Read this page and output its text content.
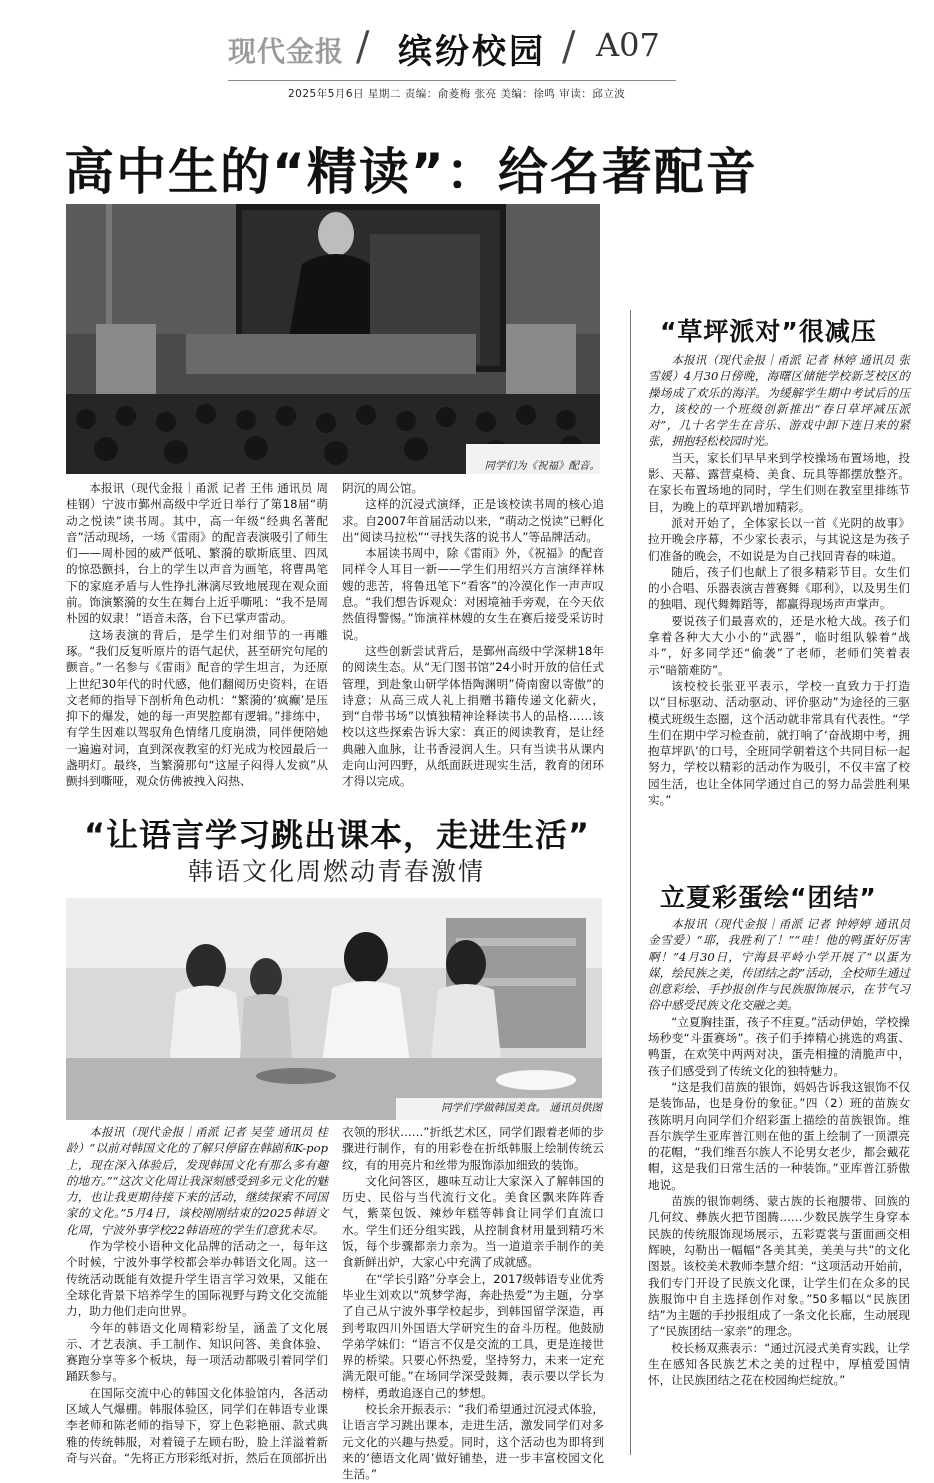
现代金报 / 缤纷校园 / A07
2025年5月6日 星期二 责编：俞菱梅 张亮 美编：徐鸣 审读：邱立波
高中生的“精读”：给名著配音
同学们为《祝福》配音。

本报讯（现代金报｜甬派 记者 王伟 通讯员 周桂钢）宁波市鄞州高级中学近日举行了第18届“萌动之悦读”读书周。其中，高一年级“经典名著配音”活动现场，一场《雷雨》的配音表演吸引了师生们——周朴园的威严低吼、繁漪的歇斯底里、四凤的惊恐颤抖，台上的学生以声音为画笔，将曹禺笔下的家庭矛盾与人性挣扎淋漓尽致地展现在观众面前。饰演繁漪的女生在舞台上近乎嘶吼：“我不是周朴园的奴隶！”语音未落，台下已掌声雷动。

这场表演的背后，是学生们对细节的一再雕琢。“我们反复听原片的语气起伏，甚至研究句尾的颤音。”一名参与《雷雨》配音的学生坦言，为还原上世纪30年代的时代感，他们翻阅历史资料，在语文老师的指导下剖析角色动机：“繁漪的‘疯癫’是压抑下的爆发，她的每一声哭腔都有逻辑。”排练中，有学生因难以驾驭角色情绪几度崩溃，同伴便陪她一遍遍对词，直到深夜教室的灯光成为校园最后一盏明灯。最终，当繁漪那句“这屋子闷得人发疯”从颤抖到嘶哑，观众仿佛被拽入闷热、

阴沉的周公馆。

这样的沉浸式演绎，正是该校读书周的核心追求。自2007年首届活动以来，“萌动之悦读”已孵化出“阅读马拉松”“寻找失落的说书人”等品牌活动。

本届读书周中，除《雷雨》外，《祝福》的配音同样令人耳目一新——学生们用绍兴方言演绎祥林嫂的悲苦，将鲁迅笔下“看客”的冷漠化作一声声叹息。“我们想告诉观众：对困境袖手旁观，在今天依然值得警惕。”饰演祥林嫂的女生在赛后接受采访时说。

这些创新尝试背后，是鄞州高级中学深耕18年的阅读生态。从“无门图书馆”24小时开放的信任式管理，到赴象山研学体悟陶渊明”倚南窗以寄傲”的诗意；从高三成人礼上捐赠书籍传递文化薪火，到“自带书场”以慎独精神诠释读书人的品格……该校以这些探索告诉大家：真正的阅读教育，是让经典融入血脉，让书香浸润人生。只有当读书从课内走向山河四野，从纸面跃进现实生活，教育的闭环才得以完成。

“草坪派对”很减压

本报讯（现代金报｜甬派 记者 林婷 通讯员 张雪媛）4月30日傍晚，海曙区储能学校新芝校区的操场成了欢乐的海洋。为缓解学生期中考试后的压力，该校的一个班级创新推出“春日草坪减压派对”，几十名学生在音乐、游戏中卸下连日来的紧张，拥抱轻松校园时光。

当天，家长们早早来到学校操场布置场地，投影、天幕、露营桌椅、美食、玩具等都摆放整齐。在家长布置场地的同时，学生们则在教室里排练节目，为晚上的草坪趴增加精彩。

派对开始了，全体家长以一首《光阴的故事》拉开晚会序幕，不少家长表示，与其说这是为孩子们准备的晚会，不如说是为自己找回青春的味道。

随后，孩子们也献上了很多精彩节目。女生们的小合唱、乐器表演吉普赛舞《耶利》，以及男生们的独唱、现代舞舞蹈等，都赢得现场声声掌声。

要说孩子们最喜欢的，还是水枪大战。孩子们拿着各种大大小小的“武器”，临时组队躲着“战斗”，好多同学还“偷袭”了老师，老师们笑着表示“暗箭难防”。

该校校长张亚平表示，学校一直致力于打造以“目标驱动、活动驱动、评价驱动”为途径的三驱模式班级生态圈，这个活动就非常具有代表性。“学生们在期中学习检查前，就打响了‘奋战期中考，拥抱草坪趴’的口号，全班同学朝着这个共同目标一起努力，学校以精彩的活动作为吸引，不仅丰富了校园生活，也让全体同学通过自己的努力品尝胜利果实。”

“让语言学习跳出课本，走进生活”
韩语文化周燃动青春激情
同学们学做韩国美食。 通讯员供图

本报讯（现代金报｜甬派 记者 吴莹 通讯员 桂龄）“以前对韩国文化的了解只停留在韩剧和K-pop上，现在深入体验后，发现韩国文化有那么多有趣的地方。”“这次文化周让我深刻感受到多元文化的魅力，也让我更期待接下来的活动，继续探索不同国家的文化。”5月4日，该校刚刚结束的2025韩语文化周，宁波外事学校22韩语班的学生们意犹未尽。

作为学校小语种文化品牌的活动之一，每年这个时候，宁波外事学校都会举办韩语文化周。这一传统活动既能有效提升学生语言学习效果，又能在全球化背景下培养学生的国际视野与跨文化交流能力，助力他们走向世界。

今年的韩语文化周精彩纷呈，涵盖了文化展示、才艺表演、手工制作、知识问答、美食体验、赛跑分享等多个板块，每一项活动都吸引着同学们踊跃参与。

在国际交流中心的韩国文化体验馆内，各活动区域人气爆棚。韩服体验区，同学们在韩语专业课李老师和陈老师的指导下，穿上色彩艳丽、款式典雅的传统韩服，对着镜子左顾右盼，脸上洋溢着新奇与兴奋。“先将正方形彩纸对折，然后在顶部折出

衣领的形状……”折纸艺术区，同学们跟着老师的步骤进行制作，有的用彩卷在折纸韩服上绘制传统云纹，有的用亮片和丝带为服饰添加细致的装饰。

文化问答区，趣味互动让大家深入了解韩国的历史、民俗与当代流行文化。美食区飘来阵阵香气，紫菜包饭、辣炒年糕等韩食让同学们直流口水。学生们还分组实践，从控制食材用量到精巧米饭，每个步骤都亲力亲为。当一道道亲手制作的美食新鲜出炉，大家心中充满了成就感。

在“学长引路”分享会上，2017级韩语专业优秀毕业生刘欢以“筑梦学海，奔赴热爱”为主题，分享了自己从宁波外事学校起步，到韩国留学深造，再到考取四川外国语大学研究生的奋斗历程。他鼓励学弟学妹们：“语言不仅是交流的工具，更是连接世界的桥梁。只要心怀热爱，坚持努力，未来一定充满无限可能。”在场同学深受鼓舞，表示要以学长为榜样，勇敢追逐自己的梦想。

校长余开振表示：“我们希望通过沉浸式体验，让语言学习跳出课本，走进生活，激发同学们对多元文化的兴趣与热爱。同时，这个活动也为即将到来的‘德语文化周’做好铺垫，进一步丰富校园文化生活。”

立夏彩蛋绘“团结”

本报讯（现代金报｜甬派 记者 钟婷婷 通讯员 金雪爱）“耶，我胜利了！”“哇！他的鸭蛋好厉害啊！”4月30日，宁海县平岭小学开展了“以蛋为媒，绘民族之美，传团结之韵”活动，全校师生通过创意彩绘、手抄报创作与民族服饰展示，在节气习俗中感受民族文化交融之美。

“立夏胸挂蛋，孩子不疰夏。”活动伊始，学校操场秒变“斗蛋赛场”。孩子们手捧精心挑选的鸡蛋、鸭蛋，在欢笑中两两对决，蛋壳相撞的清脆声中，孩子们感受到了传统文化的独特魅力。

“这是我们苗族的银饰，妈妈告诉我这银饰不仅是装饰品，也是身份的象征。”四（2）班的苗族女孩陈明月向同学们介绍彩蛋上描绘的苗族银饰。维吾尔族学生亚库普江则在他的蛋上绘制了一顶漂亮的花帽，“我们维吾尔族人不论男女老少，都会戴花帽，这是我们日常生活的一种装饰。”亚库普江骄傲地说。

苗族的银饰刺绣、蒙古族的长袍腰带、回族的几何纹、彝族火把节图腾……少数民族学生身穿本民族的传统服饰现场展示，五彩霓裳与蛋面画交相辉映，勾勒出一幅幅“各美其美，美美与共”的文化图景。该校美术教师李慧介绍：“这项活动开始前，我们专门开设了民族文化课，让学生们在众多的民族服饰中自主选择创作对象。”50多幅以“民族团结”为主题的手抄报组成了一条文化长廊，生动展现了“民族团结一家亲”的理念。

校长杨双燕表示：“通过沉浸式美育实践，让学生在感知各民族艺术之美的过程中，厚植爱国情怀，让民族团结之花在校园绚烂绽放。”
